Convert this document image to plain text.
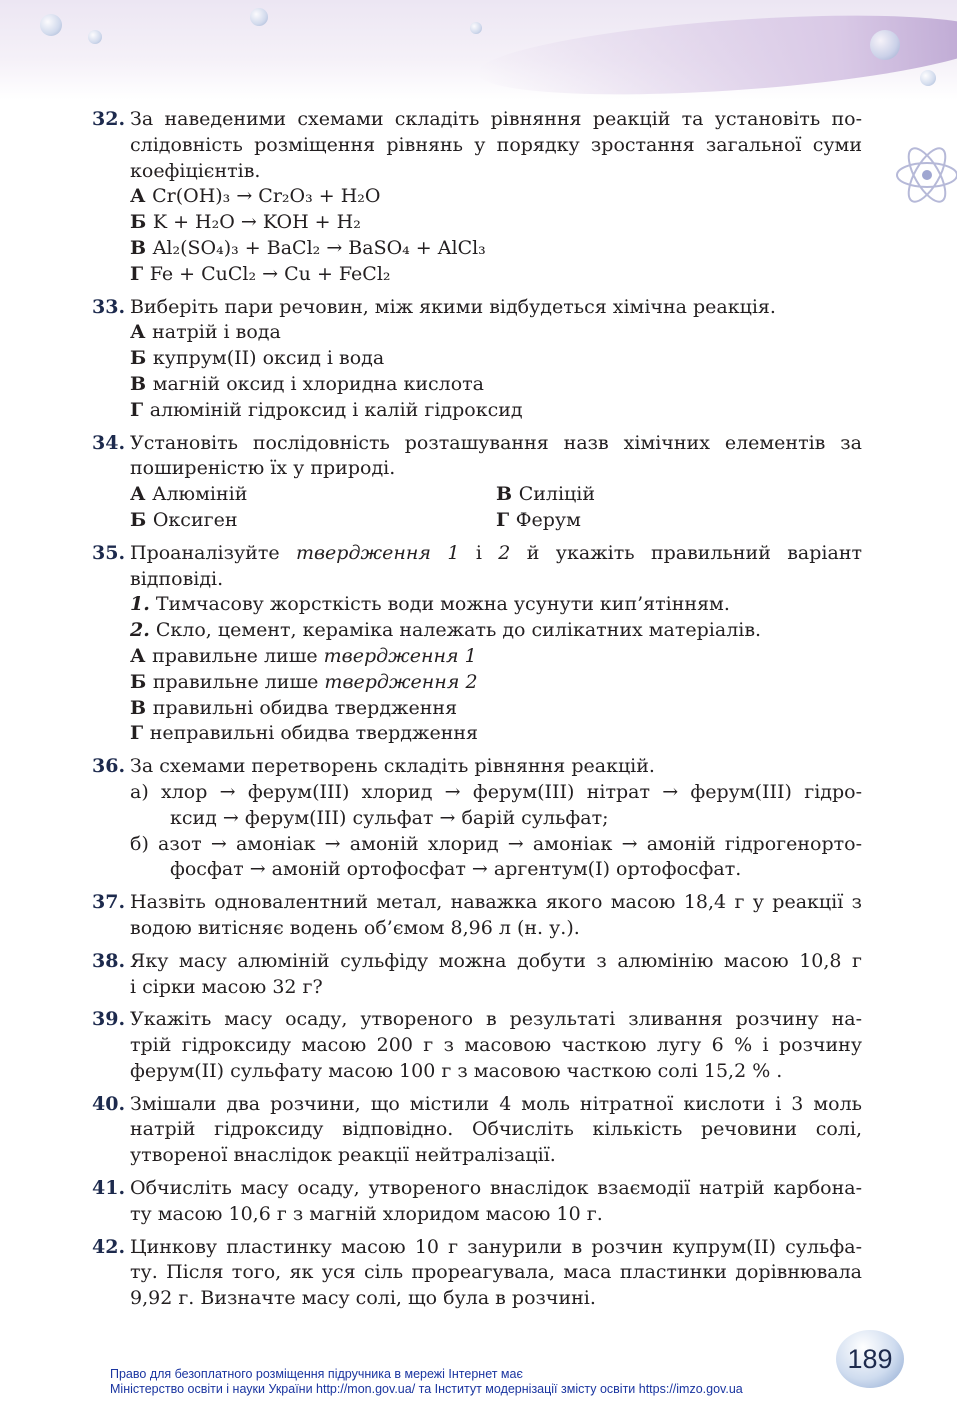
32. За наведеними схемами складіть рівняння реакцій та установіть по-
слідовність розміщення рівнянь у порядку зростання загальної суми
коефіцієнтів.
А Cr(OH)₃ → Cr₂O₃ + H₂O
Б K + H₂O → KOH + H₂
В Al₂(SO₄)₃ + BaCl₂ → BaSO₄ + AlCl₃
Г Fe + CuCl₂ → Cu + FeCl₂
33. Виберіть пари речовин, між якими відбудеться хімічна реакція.
А натрій і вода
Б купрум(ІІ) оксид і вода
В магній оксид і хлоридна кислота
Г алюміній гідроксид і калій гідроксид
34. Установіть послідовність розташування назв хімічних елементів за
поширеністю їх у природі.
А Алюміній	В Силіцій
Б Оксиген	Г Ферум
35. Проаналізуйте твердження 1 і 2 й укажіть правильний варіант
відповіді.
1. Тимчасову жорсткість води можна усунути кип’ятінням.
2. Скло, цемент, кераміка належать до силікатних матеріалів.
А правильне лише твердження 1
Б правильне лише твердження 2
В правильні обидва твердження
Г неправильні обидва твердження
36. За схемами перетворень складіть рівняння реакцій.
а) хлор → ферум(ІІІ) хлорид → ферум(ІІІ) нітрат → ферум(ІІІ) гідро-
ксид → ферум(ІІІ) сульфат → барій сульфат;
б) азот → амоніак → амоній хлорид → амоніак → амоній гідрогенорто-
фосфат → амоній ортофосфат → аргентум(І) ортофосфат.
37. Назвіть одновалентний метал, наважка якого масою 18,4 г у реакції з
водою витісняє водень об’ємом 8,96 л (н. у.).
38. Яку масу алюміній сульфіду можна добути з алюмінію масою 10,8 г
і сірки масою 32 г?
39. Укажіть масу осаду, утвореного в результаті зливання розчину на-
трій гідроксиду масою 200 г з масовою часткою лугу 6 % і розчину
ферум(ІІ) сульфату масою 100 г з масовою часткою солі 15,2 % .
40. Змішали два розчини, що містили 4 моль нітратної кислоти і 3 моль
натрій гідроксиду відповідно. Обчисліть кількість речовини солі,
утвореної внаслідок реакції нейтралізації.
41. Обчисліть масу осаду, утвореного внаслідок взаємодії натрій карбона-
ту масою 10,6 г з магній хлоридом масою 10 г.
42. Цинкову пластинку масою 10 г занурили в розчин купрум(ІІ) сульфа-
ту. Після того, як уся сіль прореагувала, маса пластинки дорівнювала
9,92 г. Визначте масу солі, що була в розчині.
Право для безоплатного розміщення підручника в мережі Інтернет має
Міністерство освіти і науки України http://mon.gov.ua/ та Інститут модернізації змісту освіти https://imzo.gov.ua
189
